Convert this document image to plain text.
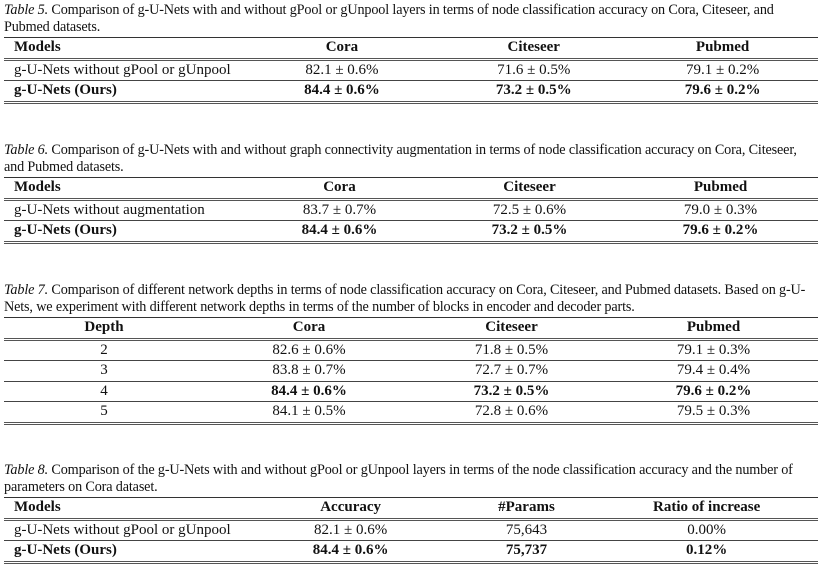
Table 5. Comparison of g-U-Nets with and without gPool or gUnpool layers in terms of node classification accuracy on Cora, Citeseer, and Pubmed datasets.
Models	Cora	Citeseer	Pubmed
g-U-Nets without gPool or gUnpool	82.1 ± 0.6%	71.6 ± 0.5%	79.1 ± 0.2%
g-U-Nets (Ours)	84.4 ± 0.6%	73.2 ± 0.5%	79.6 ± 0.2%
Table 6. Comparison of g-U-Nets with and without graph connectivity augmentation in terms of node classification accuracy on Cora, Citeseer, and Pubmed datasets.
Models	Cora	Citeseer	Pubmed
g-U-Nets without augmentation	83.7 ± 0.7%	72.5 ± 0.6%	79.0 ± 0.3%
g-U-Nets (Ours)	84.4 ± 0.6%	73.2 ± 0.5%	79.6 ± 0.2%
Table 7. Comparison of different network depths in terms of node classification accuracy on Cora, Citeseer, and Pubmed datasets. Based on g-U-Nets, we experiment with different network depths in terms of the number of blocks in encoder and decoder parts.
Depth	Cora	Citeseer	Pubmed
2	82.6 ± 0.6%	71.8 ± 0.5%	79.1 ± 0.3%
3	83.8 ± 0.7%	72.7 ± 0.7%	79.4 ± 0.4%
4	84.4 ± 0.6%	73.2 ± 0.5%	79.6 ± 0.2%
5	84.1 ± 0.5%	72.8 ± 0.6%	79.5 ± 0.3%
Table 8. Comparison of the g-U-Nets with and without gPool or gUnpool layers in terms of the node classification accuracy and the number of parameters on Cora dataset.
Models	Accuracy	#Params	Ratio of increase
g-U-Nets without gPool or gUnpool	82.1 ± 0.6%	75,643	0.00%
g-U-Nets (Ours)	84.4 ± 0.6%	75,737	0.12%
